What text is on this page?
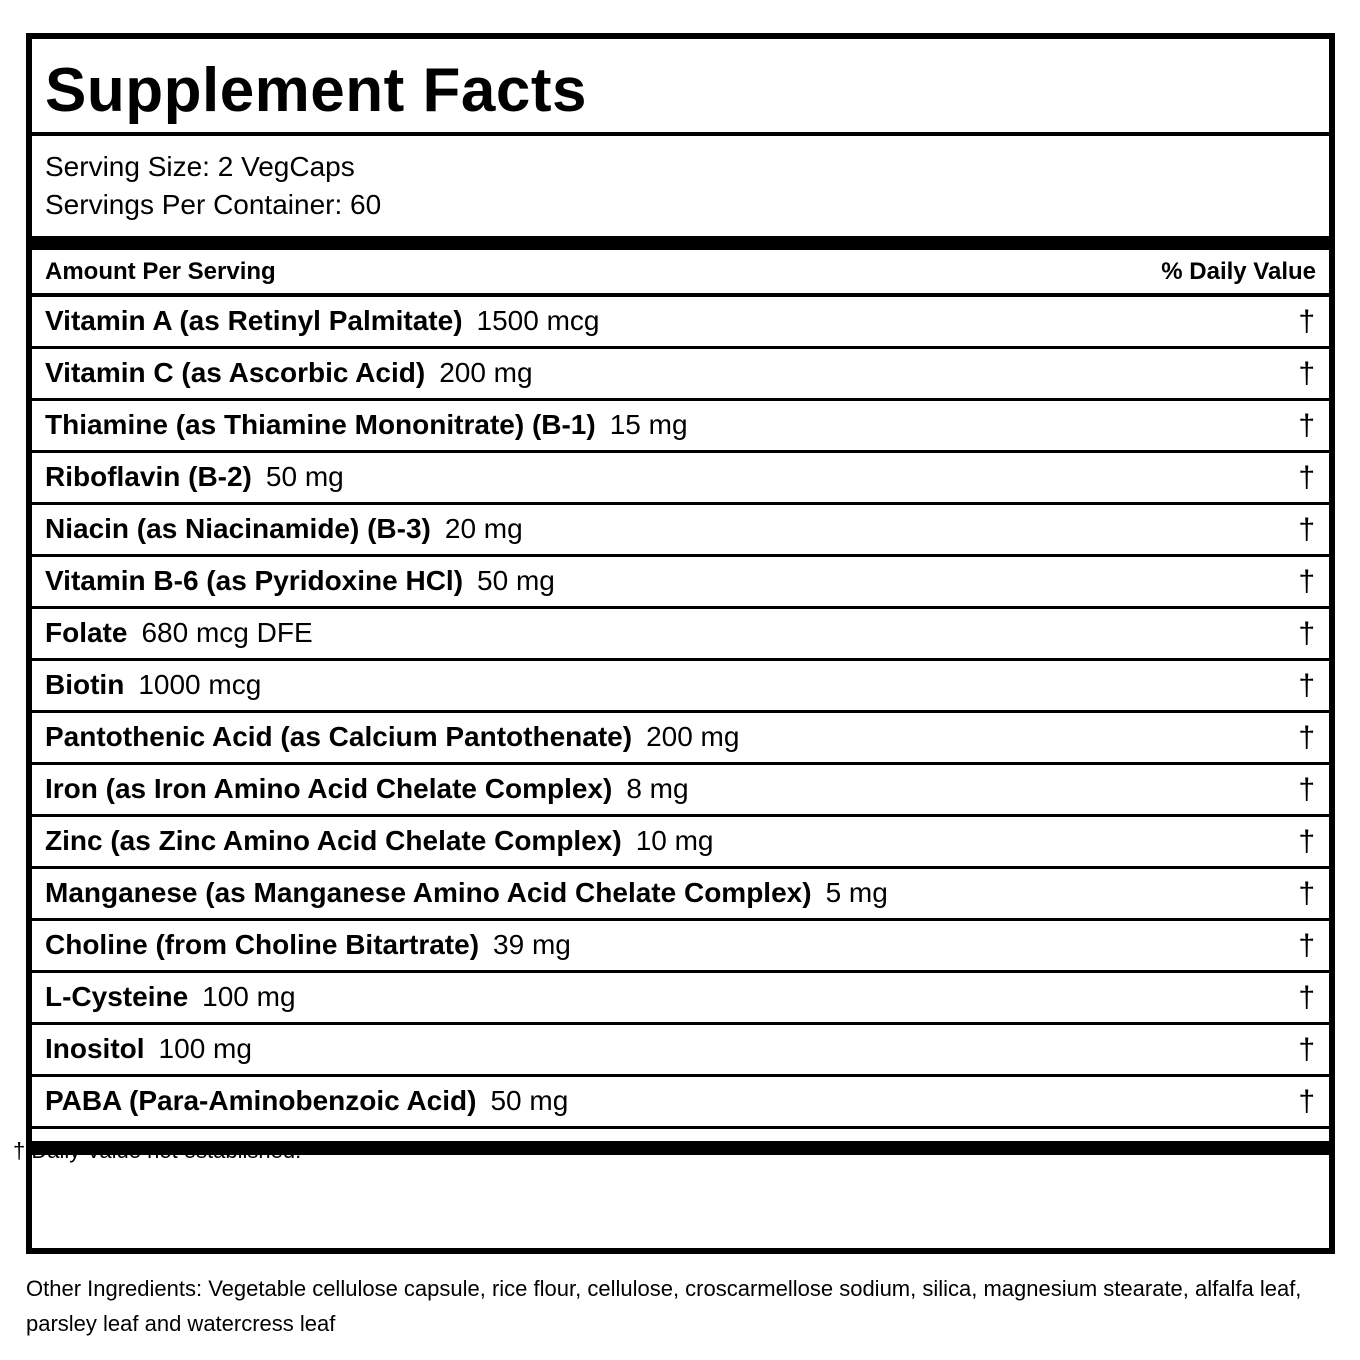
Supplement Facts
Serving Size: 2 VegCaps
Servings Per Container: 60
Amount Per Serving	% Daily Value
Vitamin A (as Retinyl Palmitate) 1500 mcg	†
Vitamin C (as Ascorbic Acid) 200 mg	†
Thiamine (as Thiamine Mononitrate) (B-1) 15 mg	†
Riboflavin (B-2) 50 mg	†
Niacin (as Niacinamide) (B-3) 20 mg	†
Vitamin B-6 (as Pyridoxine HCl) 50 mg	†
Folate 680 mcg DFE	†
Biotin 1000 mcg	†
Pantothenic Acid (as Calcium Pantothenate) 200 mg	†
Iron (as Iron Amino Acid Chelate Complex) 8 mg	†
Zinc (as Zinc Amino Acid Chelate Complex) 10 mg	†
Manganese (as Manganese Amino Acid Chelate Complex) 5 mg	†
Choline (from Choline Bitartrate) 39 mg	†
L-Cysteine 100 mg	†
Inositol 100 mg	†
PABA (Para-Aminobenzoic Acid) 50 mg	†
† Daily Value not established.
Other Ingredients: Vegetable cellulose capsule, rice flour, cellulose, croscarmellose sodium, silica, magnesium stearate, alfalfa leaf, parsley leaf and watercress leaf
